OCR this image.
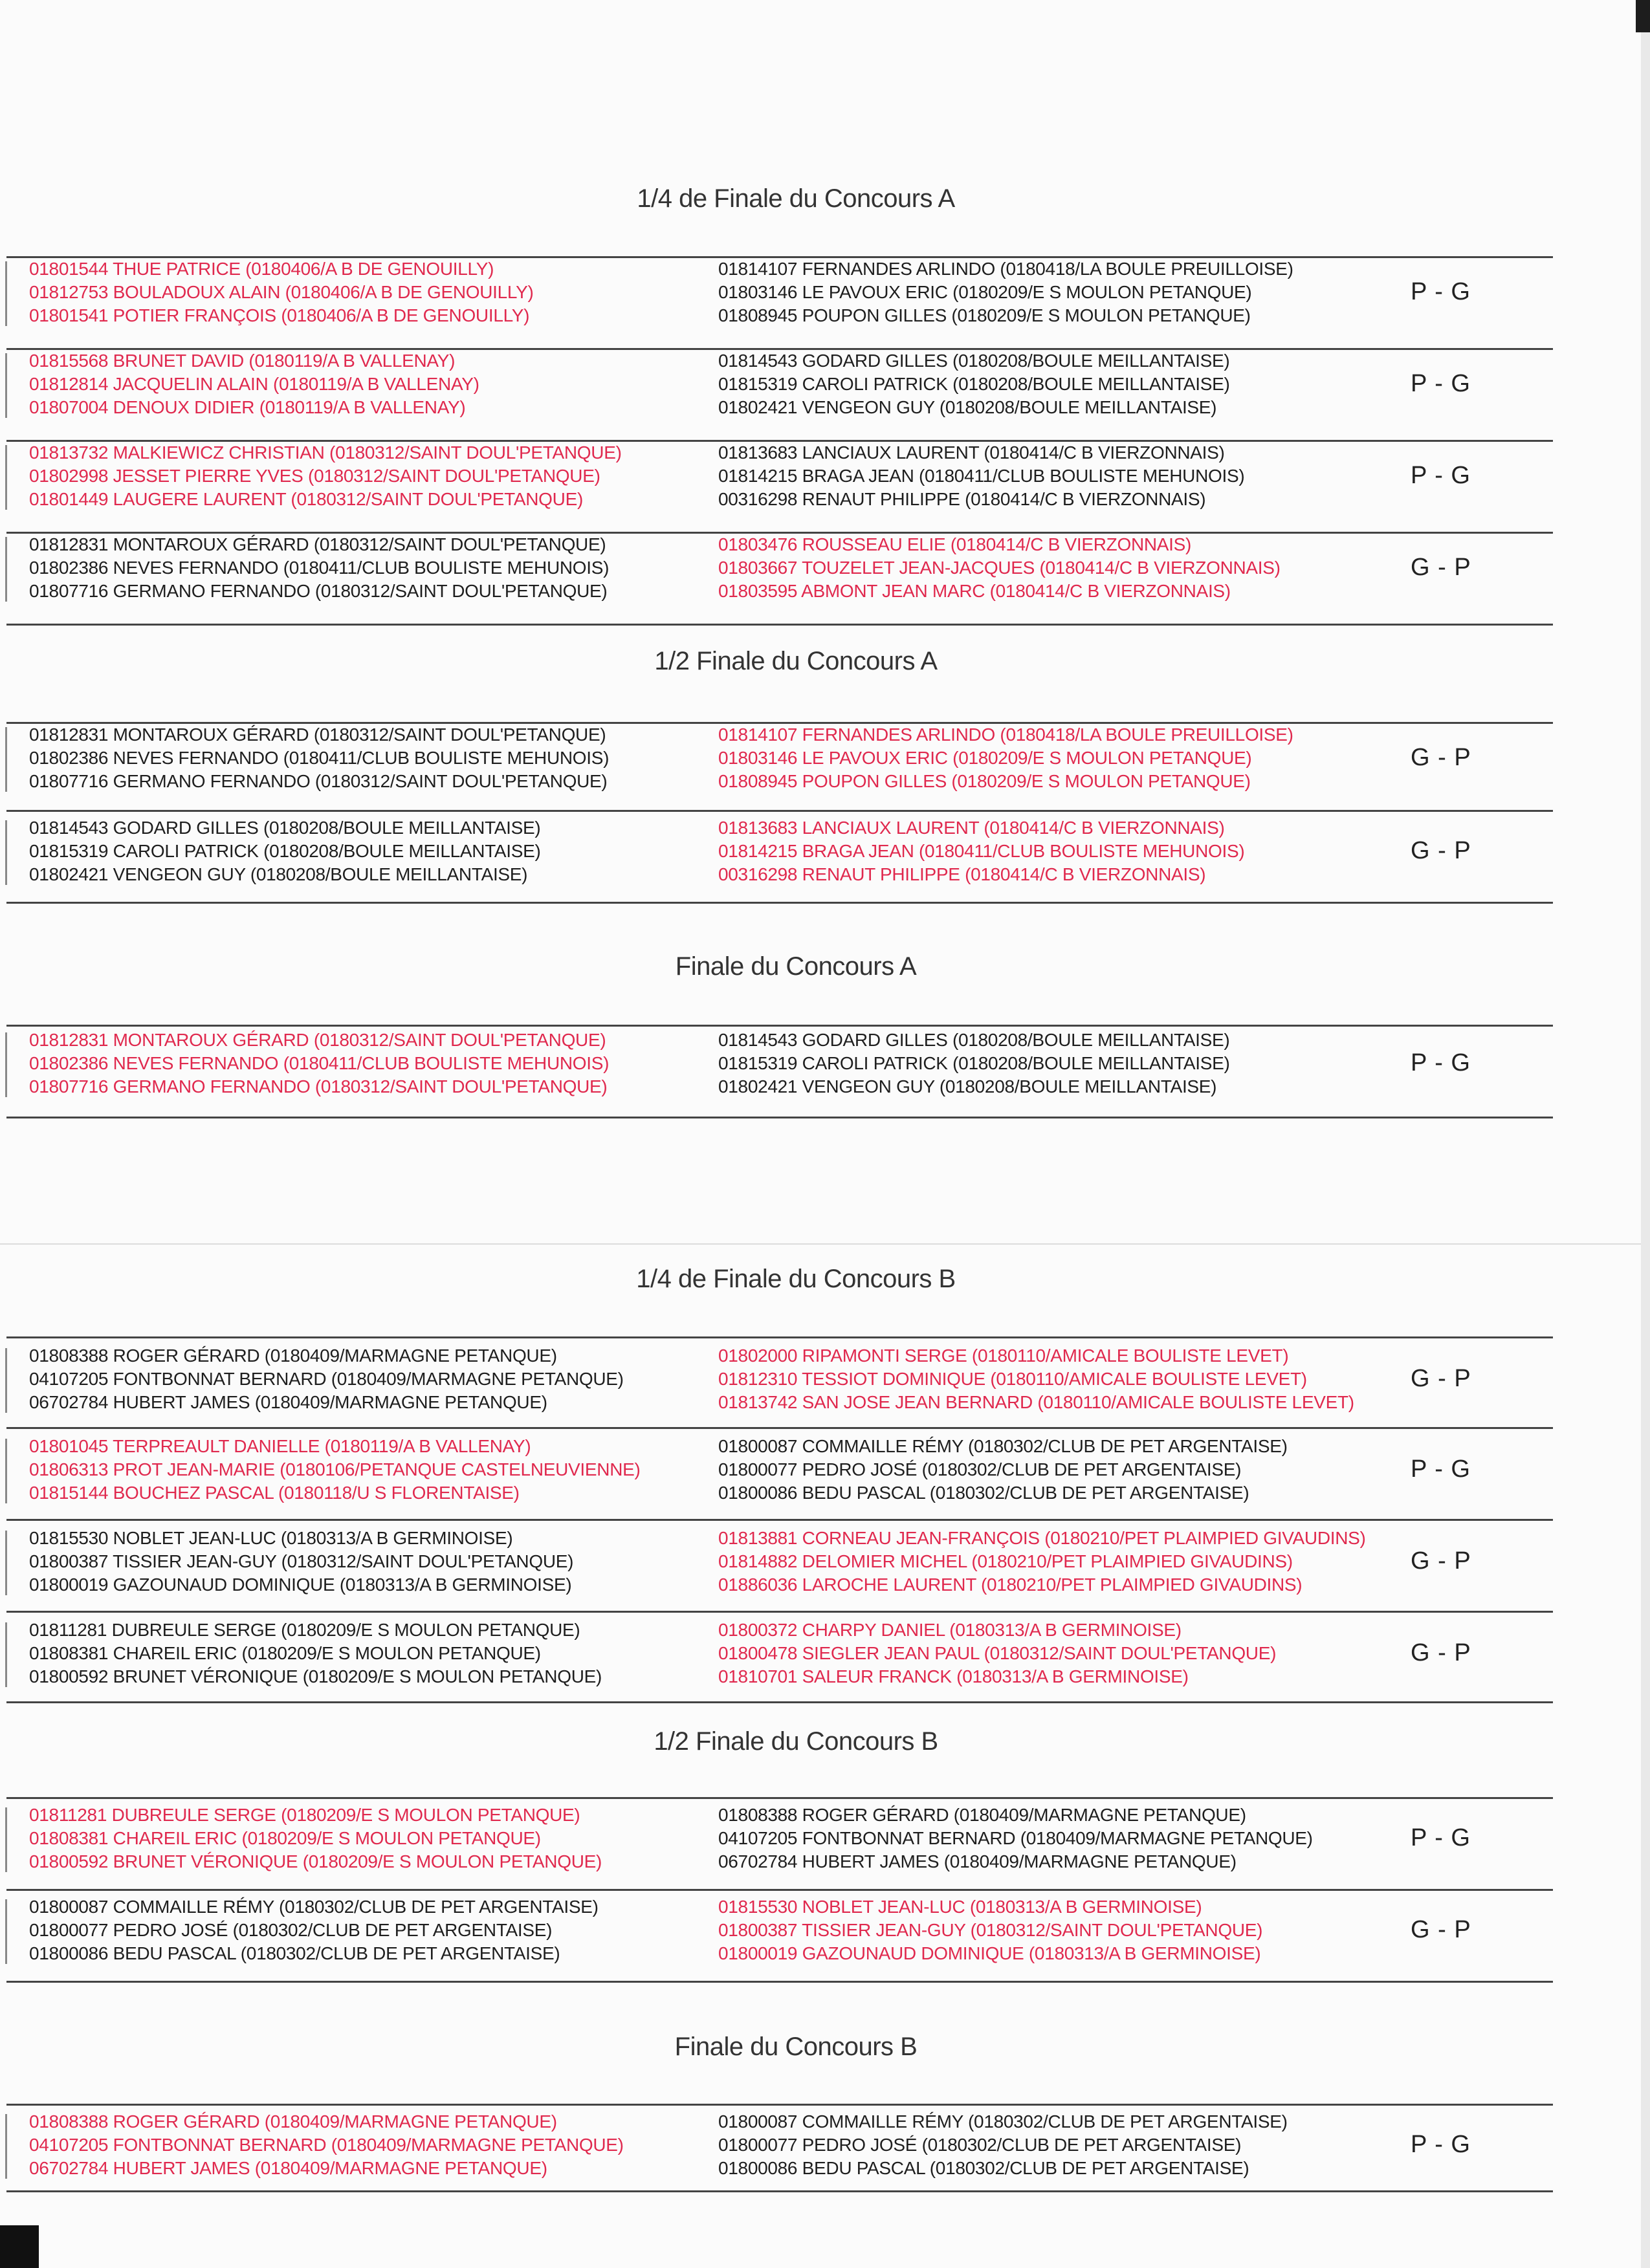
1/4 de Finale du Concours A
01801544 THUE PATRICE (0180406/A B DE GENOUILLY)
01812753 BOULADOUX ALAIN (0180406/A B DE GENOUILLY)
01801541 POTIER FRANÇOIS (0180406/A B DE GENOUILLY)
01814107 FERNANDES ARLINDO (0180418/LA BOULE PREUILLOISE)
01803146 LE PAVOUX ERIC (0180209/E S MOULON PETANQUE)
01808945 POUPON GILLES (0180209/E S MOULON PETANQUE)
P - G
01815568 BRUNET DAVID (0180119/A B VALLENAY)
01812814 JACQUELIN ALAIN (0180119/A B VALLENAY)
01807004 DENOUX DIDIER (0180119/A B VALLENAY)
01814543 GODARD GILLES (0180208/BOULE MEILLANTAISE)
01815319 CAROLI PATRICK (0180208/BOULE MEILLANTAISE)
01802421 VENGEON GUY (0180208/BOULE MEILLANTAISE)
P - G
01813732 MALKIEWICZ CHRISTIAN (0180312/SAINT DOUL'PETANQUE)
01802998 JESSET PIERRE YVES (0180312/SAINT DOUL'PETANQUE)
01801449 LAUGERE LAURENT (0180312/SAINT DOUL'PETANQUE)
01813683 LANCIAUX LAURENT (0180414/C B VIERZONNAIS)
01814215 BRAGA JEAN (0180411/CLUB BOULISTE MEHUNOIS)
00316298 RENAUT PHILIPPE (0180414/C B VIERZONNAIS)
P - G
01812831 MONTAROUX GÉRARD (0180312/SAINT DOUL'PETANQUE)
01802386 NEVES FERNANDO (0180411/CLUB BOULISTE MEHUNOIS)
01807716 GERMANO FERNANDO (0180312/SAINT DOUL'PETANQUE)
01803476 ROUSSEAU ELIE (0180414/C B VIERZONNAIS)
01803667 TOUZELET JEAN-JACQUES (0180414/C B VIERZONNAIS)
01803595 ABMONT JEAN MARC (0180414/C B VIERZONNAIS)
G - P
1/2 Finale du Concours A
01812831 MONTAROUX GÉRARD (0180312/SAINT DOUL'PETANQUE)
01802386 NEVES FERNANDO (0180411/CLUB BOULISTE MEHUNOIS)
01807716 GERMANO FERNANDO (0180312/SAINT DOUL'PETANQUE)
01814107 FERNANDES ARLINDO (0180418/LA BOULE PREUILLOISE)
01803146 LE PAVOUX ERIC (0180209/E S MOULON PETANQUE)
01808945 POUPON GILLES (0180209/E S MOULON PETANQUE)
G - P
01814543 GODARD GILLES (0180208/BOULE MEILLANTAISE)
01815319 CAROLI PATRICK (0180208/BOULE MEILLANTAISE)
01802421 VENGEON GUY (0180208/BOULE MEILLANTAISE)
01813683 LANCIAUX LAURENT (0180414/C B VIERZONNAIS)
01814215 BRAGA JEAN (0180411/CLUB BOULISTE MEHUNOIS)
00316298 RENAUT PHILIPPE (0180414/C B VIERZONNAIS)
G - P
Finale du Concours A
01812831 MONTAROUX GÉRARD (0180312/SAINT DOUL'PETANQUE)
01802386 NEVES FERNANDO (0180411/CLUB BOULISTE MEHUNOIS)
01807716 GERMANO FERNANDO (0180312/SAINT DOUL'PETANQUE)
01814543 GODARD GILLES (0180208/BOULE MEILLANTAISE)
01815319 CAROLI PATRICK (0180208/BOULE MEILLANTAISE)
01802421 VENGEON GUY (0180208/BOULE MEILLANTAISE)
P - G
1/4 de Finale du Concours B
01808388 ROGER GÉRARD (0180409/MARMAGNE PETANQUE)
04107205 FONTBONNAT BERNARD (0180409/MARMAGNE PETANQUE)
06702784 HUBERT JAMES (0180409/MARMAGNE PETANQUE)
01802000 RIPAMONTI SERGE (0180110/AMICALE BOULISTE LEVET)
01812310 TESSIOT DOMINIQUE (0180110/AMICALE BOULISTE LEVET)
01813742 SAN JOSE JEAN BERNARD (0180110/AMICALE BOULISTE LEVET)
G - P
01801045 TERPREAULT DANIELLE (0180119/A B VALLENAY)
01806313 PROT JEAN-MARIE (0180106/PETANQUE CASTELNEUVIENNE)
01815144 BOUCHEZ PASCAL (0180118/U S FLORENTAISE)
01800087 COMMAILLE RÉMY (0180302/CLUB DE PET ARGENTAISE)
01800077 PEDRO JOSÉ (0180302/CLUB DE PET ARGENTAISE)
01800086 BEDU PASCAL (0180302/CLUB DE PET ARGENTAISE)
P - G
01815530 NOBLET JEAN-LUC (0180313/A B GERMINOISE)
01800387 TISSIER JEAN-GUY (0180312/SAINT DOUL'PETANQUE)
01800019 GAZOUNAUD DOMINIQUE (0180313/A B GERMINOISE)
01813881 CORNEAU JEAN-FRANÇOIS (0180210/PET PLAIMPIED GIVAUDINS)
01814882 DELOMIER MICHEL (0180210/PET PLAIMPIED GIVAUDINS)
01886036 LAROCHE LAURENT (0180210/PET PLAIMPIED GIVAUDINS)
G - P
01811281 DUBREULE SERGE (0180209/E S MOULON PETANQUE)
01808381 CHAREIL ERIC (0180209/E S MOULON PETANQUE)
01800592 BRUNET VÉRONIQUE (0180209/E S MOULON PETANQUE)
01800372 CHARPY DANIEL (0180313/A B GERMINOISE)
01800478 SIEGLER JEAN PAUL (0180312/SAINT DOUL'PETANQUE)
01810701 SALEUR FRANCK (0180313/A B GERMINOISE)
G - P
1/2 Finale du Concours B
01811281 DUBREULE SERGE (0180209/E S MOULON PETANQUE)
01808381 CHAREIL ERIC (0180209/E S MOULON PETANQUE)
01800592 BRUNET VÉRONIQUE (0180209/E S MOULON PETANQUE)
01808388 ROGER GÉRARD (0180409/MARMAGNE PETANQUE)
04107205 FONTBONNAT BERNARD (0180409/MARMAGNE PETANQUE)
06702784 HUBERT JAMES (0180409/MARMAGNE PETANQUE)
P - G
01800087 COMMAILLE RÉMY (0180302/CLUB DE PET ARGENTAISE)
01800077 PEDRO JOSÉ (0180302/CLUB DE PET ARGENTAISE)
01800086 BEDU PASCAL (0180302/CLUB DE PET ARGENTAISE)
01815530 NOBLET JEAN-LUC (0180313/A B GERMINOISE)
01800387 TISSIER JEAN-GUY (0180312/SAINT DOUL'PETANQUE)
01800019 GAZOUNAUD DOMINIQUE (0180313/A B GERMINOISE)
G - P
Finale du Concours B
01808388 ROGER GÉRARD (0180409/MARMAGNE PETANQUE)
04107205 FONTBONNAT BERNARD (0180409/MARMAGNE PETANQUE)
06702784 HUBERT JAMES (0180409/MARMAGNE PETANQUE)
01800087 COMMAILLE RÉMY (0180302/CLUB DE PET ARGENTAISE)
01800077 PEDRO JOSÉ (0180302/CLUB DE PET ARGENTAISE)
01800086 BEDU PASCAL (0180302/CLUB DE PET ARGENTAISE)
P - G
